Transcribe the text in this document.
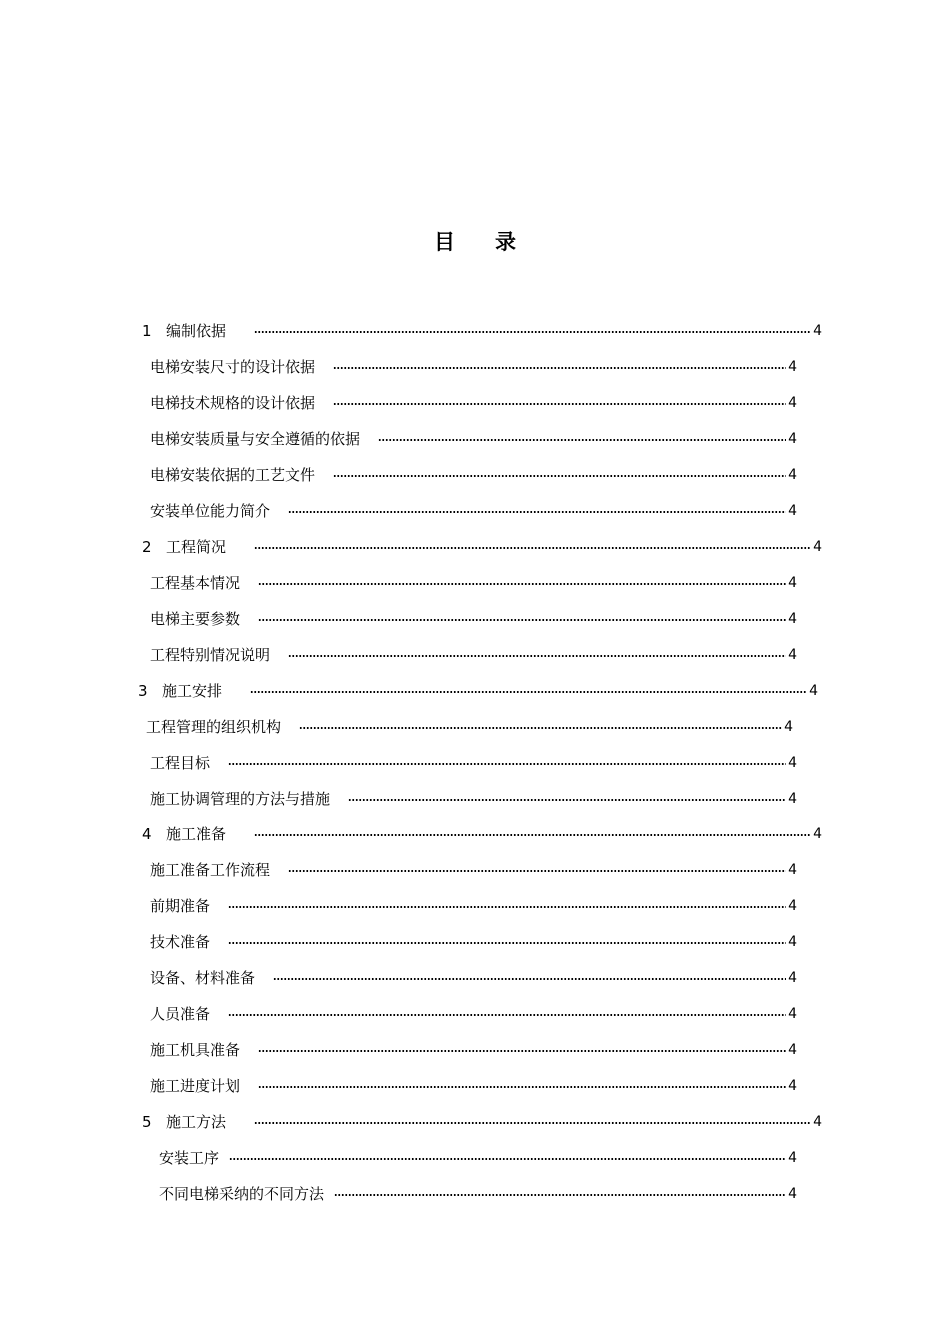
目 录
1 编制依据	4
电梯安装尺寸的设计依据	4
电梯技术规格的设计依据	4
电梯安装质量与安全遵循的依据	4
电梯安装依据的工艺文件	4
安装单位能力简介	4
2 工程简况	4
工程基本情况	4
电梯主要参数	4
工程特别情况说明	4
3 施工安排	4
工程管理的组织机构	4
工程目标	4
施工协调管理的方法与措施	4
4 施工准备	4
施工准备工作流程	4
前期准备	4
技术准备	4
设备、材料准备	4
人员准备	4
施工机具准备	4
施工进度计划	4
5 施工方法	4
安装工序	4
不同电梯采纳的不同方法	4
